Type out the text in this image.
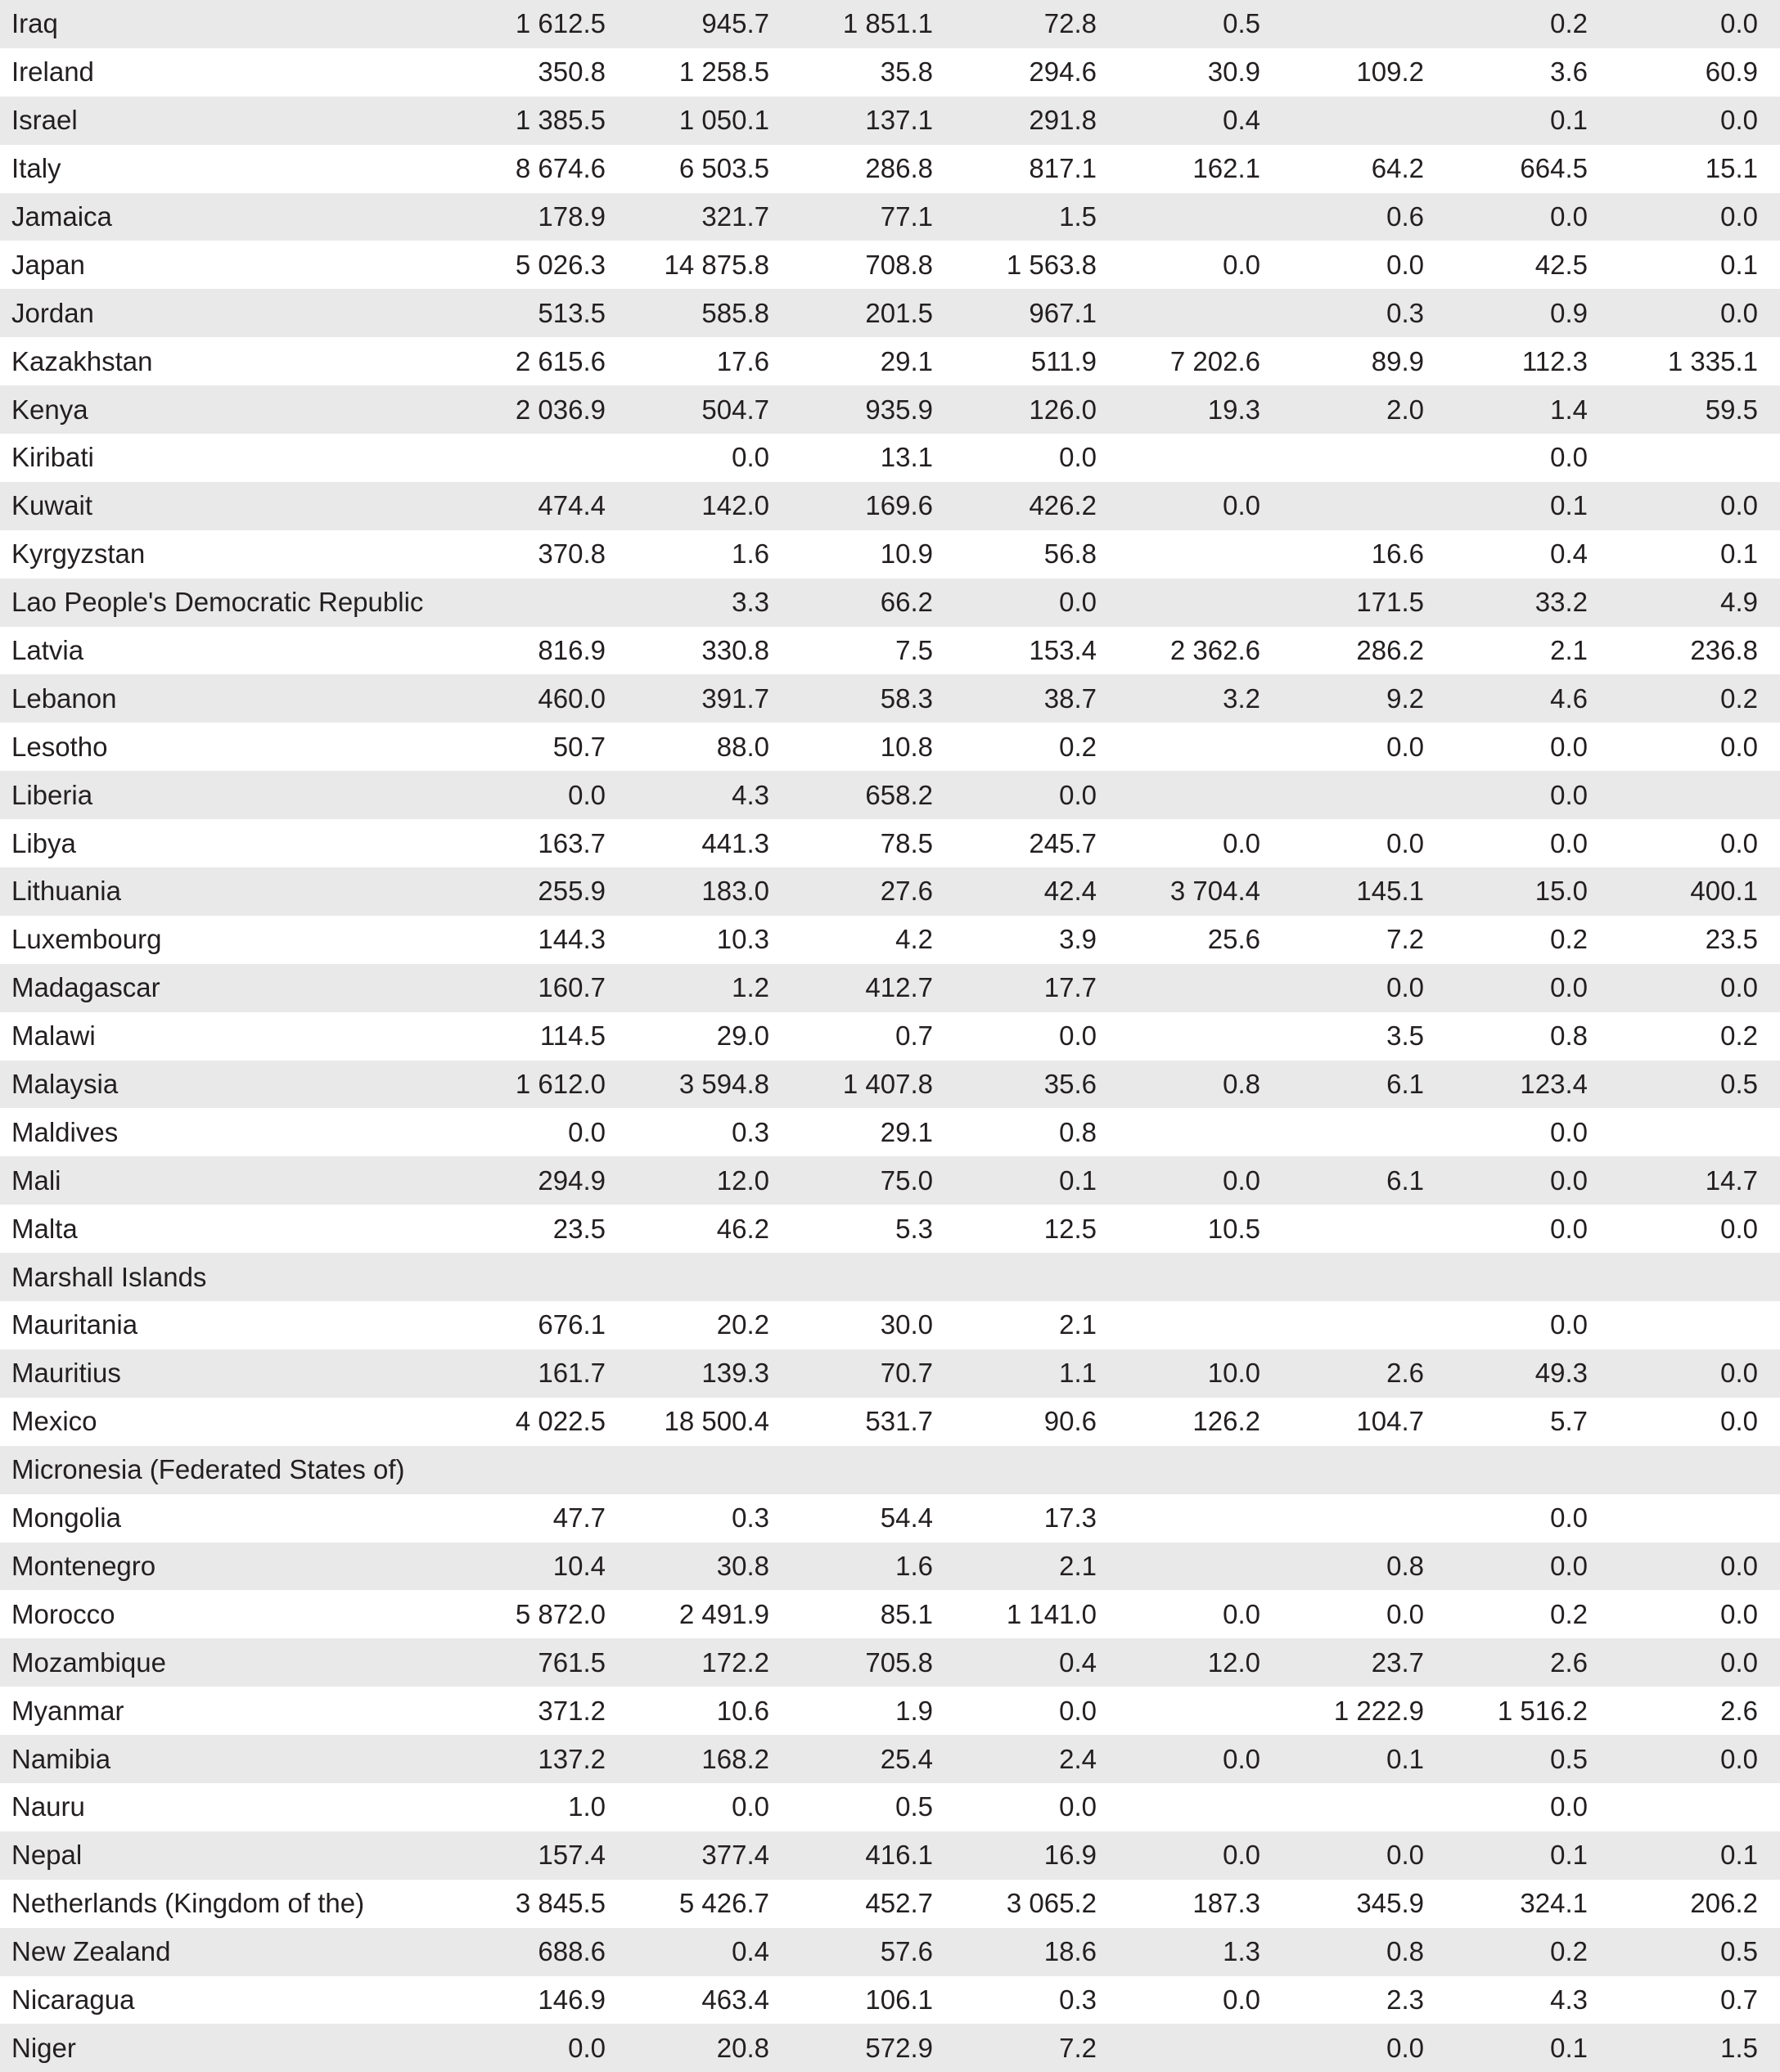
Iraq	1 612.5	945.7	1 851.1	72.8	0.5		0.2	0.0
Ireland	350.8	1 258.5	35.8	294.6	30.9	109.2	3.6	60.9
Israel	1 385.5	1 050.1	137.1	291.8	0.4		0.1	0.0
Italy	8 674.6	6 503.5	286.8	817.1	162.1	64.2	664.5	15.1
Jamaica	178.9	321.7	77.1	1.5		0.6	0.0	0.0
Japan	5 026.3	14 875.8	708.8	1 563.8	0.0	0.0	42.5	0.1
Jordan	513.5	585.8	201.5	967.1		0.3	0.9	0.0
Kazakhstan	2 615.6	17.6	29.1	511.9	7 202.6	89.9	112.3	1 335.1
Kenya	2 036.9	504.7	935.9	126.0	19.3	2.0	1.4	59.5
Kiribati		0.0	13.1	0.0			0.0	
Kuwait	474.4	142.0	169.6	426.2	0.0		0.1	0.0
Kyrgyzstan	370.8	1.6	10.9	56.8		16.6	0.4	0.1
Lao People's Democratic Republic		3.3	66.2	0.0		171.5	33.2	4.9
Latvia	816.9	330.8	7.5	153.4	2 362.6	286.2	2.1	236.8
Lebanon	460.0	391.7	58.3	38.7	3.2	9.2	4.6	0.2
Lesotho	50.7	88.0	10.8	0.2		0.0	0.0	0.0
Liberia	0.0	4.3	658.2	0.0			0.0	
Libya	163.7	441.3	78.5	245.7	0.0	0.0	0.0	0.0
Lithuania	255.9	183.0	27.6	42.4	3 704.4	145.1	15.0	400.1
Luxembourg	144.3	10.3	4.2	3.9	25.6	7.2	0.2	23.5
Madagascar	160.7	1.2	412.7	17.7		0.0	0.0	0.0
Malawi	114.5	29.0	0.7	0.0		3.5	0.8	0.2
Malaysia	1 612.0	3 594.8	1 407.8	35.6	0.8	6.1	123.4	0.5
Maldives	0.0	0.3	29.1	0.8			0.0	
Mali	294.9	12.0	75.0	0.1	0.0	6.1	0.0	14.7
Malta	23.5	46.2	5.3	12.5	10.5		0.0	0.0
Marshall Islands								
Mauritania	676.1	20.2	30.0	2.1			0.0	
Mauritius	161.7	139.3	70.7	1.1	10.0	2.6	49.3	0.0
Mexico	4 022.5	18 500.4	531.7	90.6	126.2	104.7	5.7	0.0
Micronesia (Federated States of)								
Mongolia	47.7	0.3	54.4	17.3			0.0	
Montenegro	10.4	30.8	1.6	2.1		0.8	0.0	0.0
Morocco	5 872.0	2 491.9	85.1	1 141.0	0.0	0.0	0.2	0.0
Mozambique	761.5	172.2	705.8	0.4	12.0	23.7	2.6	0.0
Myanmar	371.2	10.6	1.9	0.0		1 222.9	1 516.2	2.6
Namibia	137.2	168.2	25.4	2.4	0.0	0.1	0.5	0.0
Nauru	1.0	0.0	0.5	0.0			0.0	
Nepal	157.4	377.4	416.1	16.9	0.0	0.0	0.1	0.1
Netherlands (Kingdom of the)	3 845.5	5 426.7	452.7	3 065.2	187.3	345.9	324.1	206.2
New Zealand	688.6	0.4	57.6	18.6	1.3	0.8	0.2	0.5
Nicaragua	146.9	463.4	106.1	0.3	0.0	2.3	4.3	0.7
Niger	0.0	20.8	572.9	7.2		0.0	0.1	1.5
